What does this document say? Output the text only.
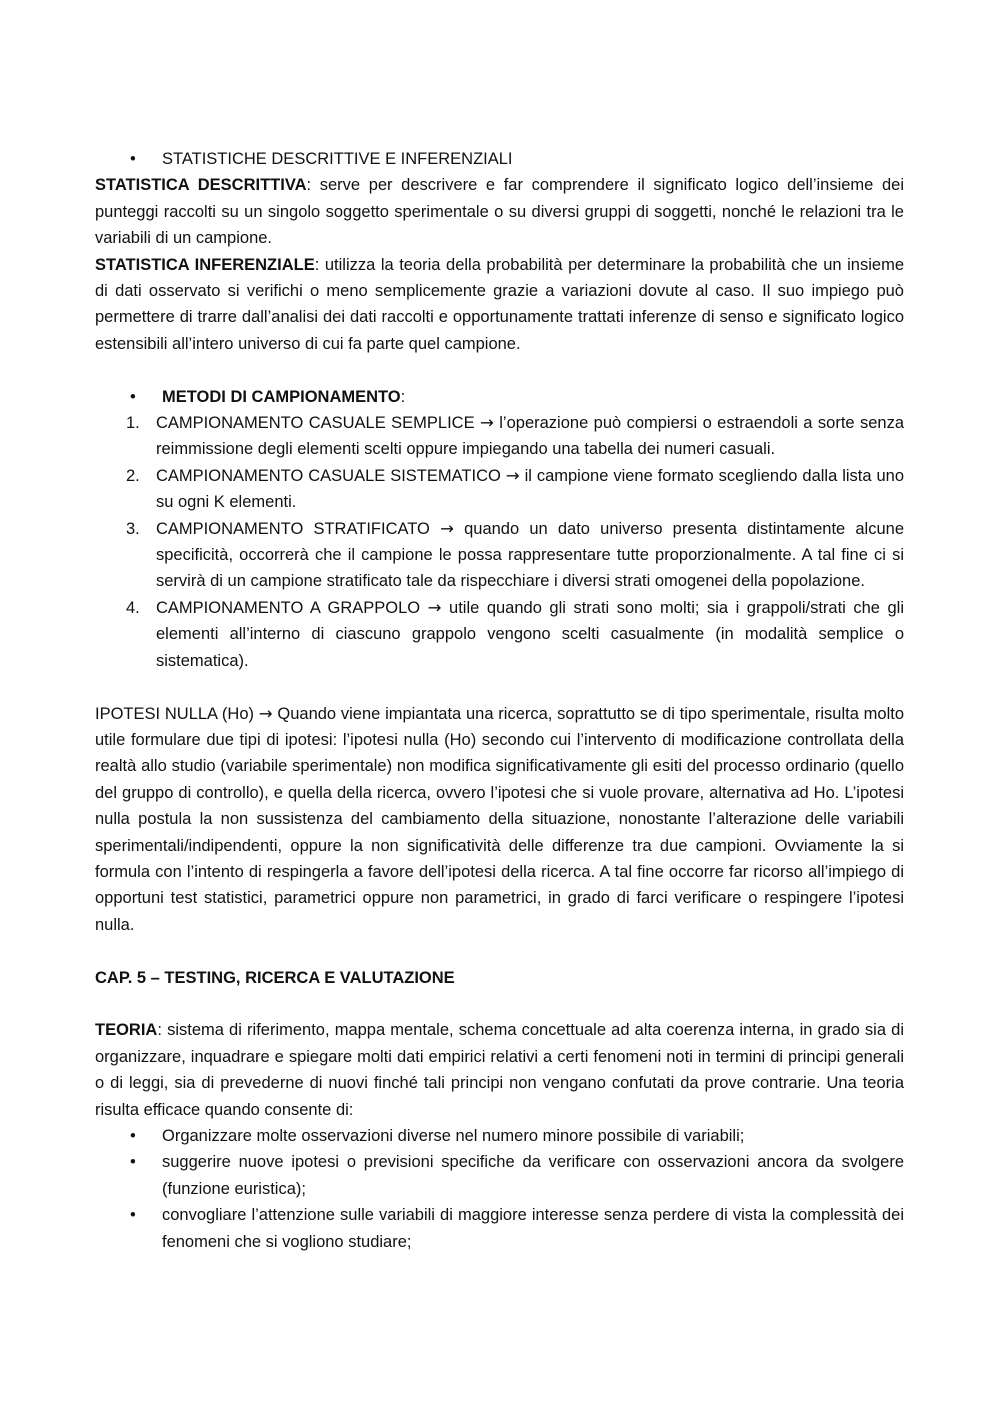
• STATISTICHE DESCRITTIVE E INFERENZIALI

STATISTICA DESCRITTIVA: serve per descrivere e far comprendere il significato logico dell’insieme dei punteggi raccolti su un singolo soggetto sperimentale o su diversi gruppi di soggetti, nonché le relazioni tra le variabili di un campione.

STATISTICA INFERENZIALE: utilizza la teoria della probabilità per determinare la probabilità che un insieme di dati osservato si verifichi o meno semplicemente grazie a variazioni dovute al caso. Il suo impiego può permettere di trarre dall’analisi dei dati raccolti e opportunamente trattati inferenze di senso e significato logico estensibili all’intero universo di cui fa parte quel campione.

• METODI DI CAMPIONAMENTO:
1. CAMPIONAMENTO CASUALE SEMPLICE → l’operazione può compiersi o estraendoli a sorte senza reimmissione degli elementi scelti oppure impiegando una tabella dei numeri casuali.
2. CAMPIONAMENTO CASUALE SISTEMATICO → il campione viene formato scegliendo dalla lista uno su ogni K elementi.
3. CAMPIONAMENTO STRATIFICATO → quando un dato universo presenta distintamente alcune specificità, occorrerà che il campione le possa rappresentare tutte proporzionalmente. A tal fine ci si servirà di un campione stratificato tale da rispecchiare i diversi strati omogenei della popolazione.
4. CAMPIONAMENTO A GRAPPOLO → utile quando gli strati sono molti; sia i grappoli/strati che gli elementi all’interno di ciascuno grappolo vengono scelti casualmente (in modalità semplice o sistematica).

IPOTESI NULLA (Ho) → Quando viene impiantata una ricerca, soprattutto se di tipo sperimentale, risulta molto utile formulare due tipi di ipotesi: l’ipotesi nulla (Ho) secondo cui l’intervento di modificazione controllata della realtà allo studio (variabile sperimentale) non modifica significativamente gli esiti del processo ordinario (quello del gruppo di controllo), e quella della ricerca, ovvero l’ipotesi che si vuole provare, alternativa ad Ho. L’ipotesi nulla postula la non sussistenza del cambiamento della situazione, nonostante l’alterazione delle variabili sperimentali/indipendenti, oppure la non significatività delle differenze tra due campioni. Ovviamente la si formula con l’intento di respingerla a favore dell’ipotesi della ricerca. A tal fine occorre far ricorso all’impiego di opportuni test statistici, parametrici oppure non parametrici, in grado di farci verificare o respingere l’ipotesi nulla.

CAP. 5 – TESTING, RICERCA E VALUTAZIONE

TEORIA: sistema di riferimento, mappa mentale, schema concettuale ad alta coerenza interna, in grado sia di organizzare, inquadrare e spiegare molti dati empirici relativi a certi fenomeni noti in termini di principi generali o di leggi, sia di prevederne di nuovi finché tali principi non vengano confutati da prove contrarie. Una teoria risulta efficace quando consente di:

• Organizzare molte osservazioni diverse nel numero minore possibile di variabili;
• suggerire nuove ipotesi o previsioni specifiche da verificare con osservazioni ancora da svolgere (funzione euristica);
• convogliare l’attenzione sulle variabili di maggiore interesse senza perdere di vista la complessità dei fenomeni che si vogliono studiare;
